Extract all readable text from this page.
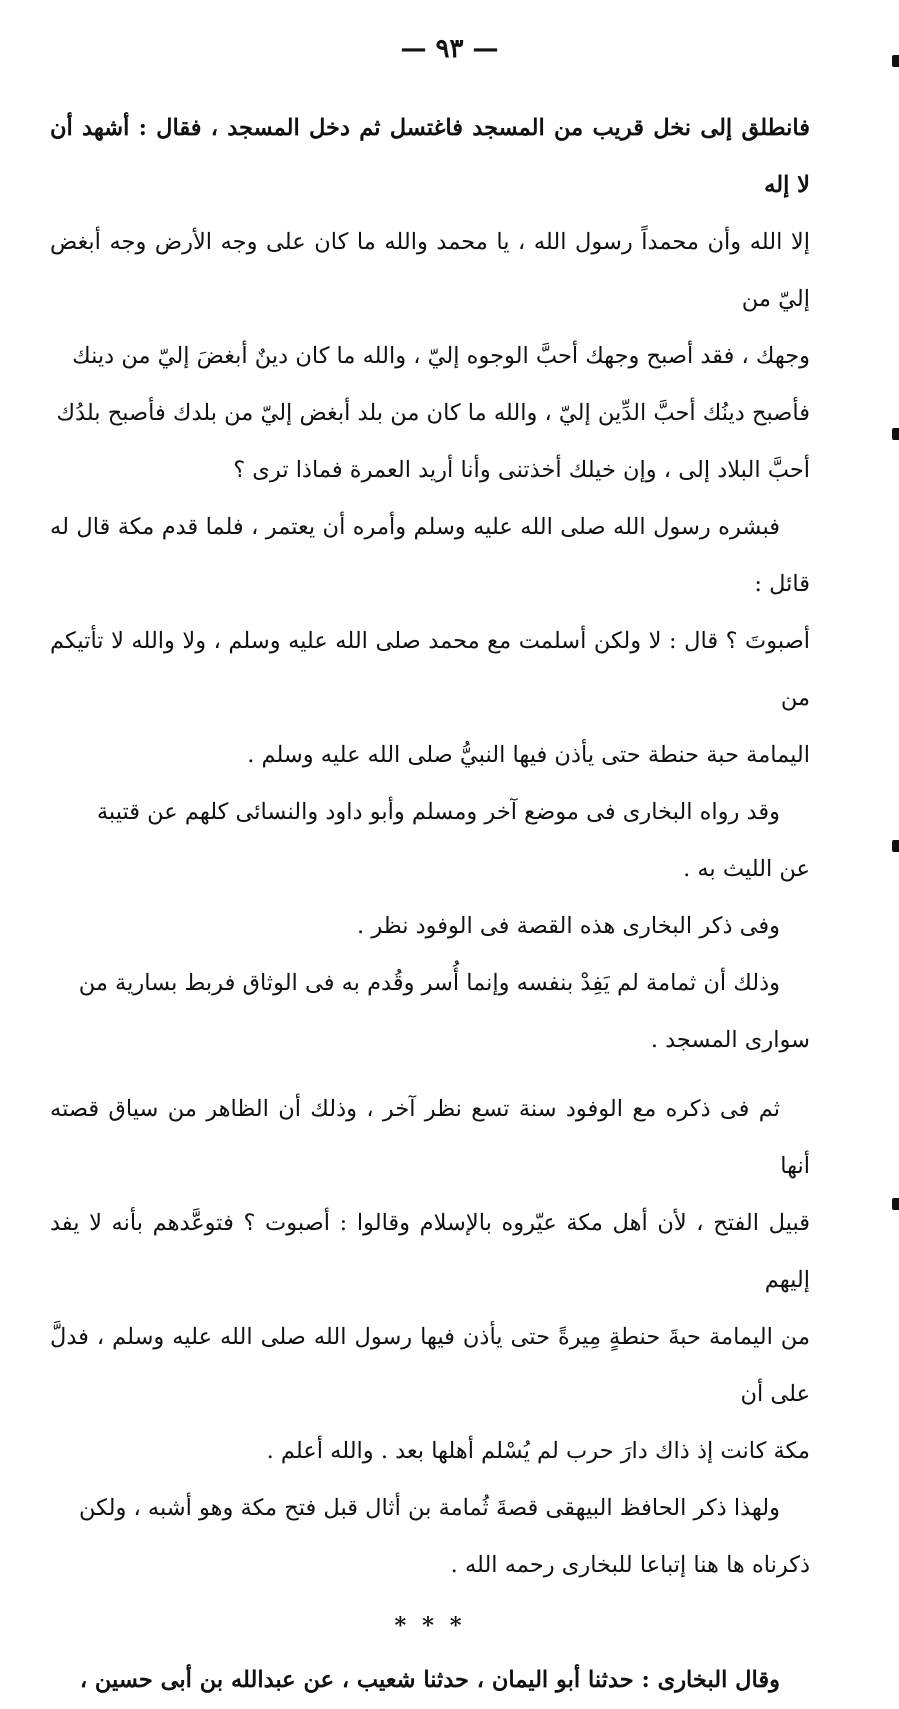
— ٩٣ —
فانطلق إلى نخل قريب من المسجد فاغتسل ثم دخل المسجد ، فقال : أشهد أن لا إله
إلا الله وأن محمداً رسول الله ، يا محمد والله ما كان على وجه الأرض وجه أبغض إليّ من
وجهك ، فقد أصبح وجهك أحبَّ الوجوه إليّ ، والله ما كان دينٌ أبغضَ إليّ من دينك
فأصبح دينُك أحبَّ الدِّين إليّ ، والله ما كان من بلد أبغض إليّ من بلدك فأصبح بلدُك
أحبَّ البلاد إلى ، وإن خيلك أخذتنى وأنا أريد العمرة فماذا ترى ؟
فبشره رسول الله صلى الله عليه وسلم وأمره أن يعتمر ، فلما قدم مكة قال له قائل :
أصبوتَ ؟ قال : لا ولكن أسلمت مع محمد صلى الله عليه وسلم ، ولا والله لا تأتيكم من
اليمامة حبة حنطة حتى يأذن فيها النبيُّ صلى الله عليه وسلم .
وقد رواه البخارى فى موضع آخر ومسلم وأبو داود والنسائى كلهم عن قتيبة
عن الليث به .
وفى ذكر البخارى هذه القصة فى الوفود نظر .
وذلك أن ثمامة لم يَفِدْ بنفسه وإنما أُسر وقُدم به فى الوثاق فربط بسارية من
سوارى المسجد .
ثم فى ذكره مع الوفود سنة تسع نظر آخر ، وذلك أن الظاهر من سياق قصته أنها
قبيل الفتح ، لأن أهل مكة عيّروه بالإسلام وقالوا : أصبوت ؟ فتوعَّدهم بأنه لا يفد إليهم
من اليمامة حبةَ حنطةٍ مِيرةً حتى يأذن فيها رسول الله صلى الله عليه وسلم ، فدلَّ على أن
مكة كانت إذ ذاك دارَ حرب لم يُسْلم أهلها بعد . والله أعلم .
ولهذا ذكر الحافظ البيهقى قصةَ ثُمامة بن أثال قبل فتح مكة وهو أشبه ، ولكن
ذكرناه ها هنا إتباعا للبخارى رحمه الله .
* * *
وقال البخارى : حدثنا أبو اليمان ، حدثنا شعيب ، عن عبدالله بن أبى حسين ،
